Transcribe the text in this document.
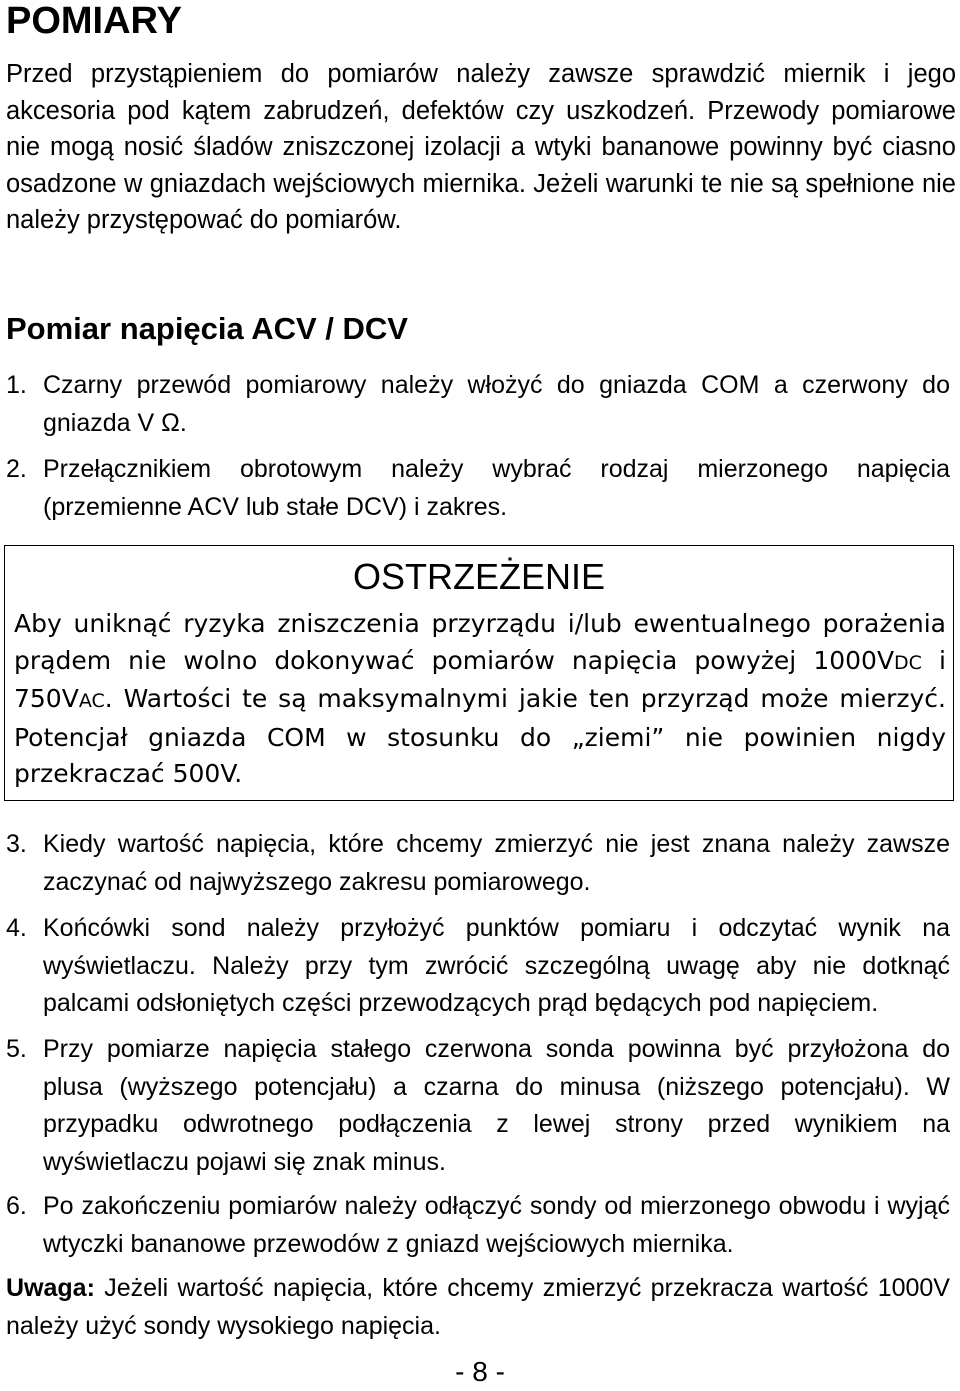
POMIARY
Przed przystąpieniem do pomiarów należy zawsze sprawdzić miernik i jego akcesoria pod kątem zabrudzeń, defektów czy uszkodzeń. Przewody pomiarowe nie mogą nosić śladów zniszczonej izolacji a wtyki bananowe powinny być ciasno osadzone w gniazdach wejściowych miernika. Jeżeli warunki te nie są spełnione nie należy przystępować do pomiarów.
Pomiar napięcia ACV / DCV
1. Czarny przewód pomiarowy należy włożyć do gniazda COM a czerwony do gniazda V Ω.
2. Przełącznikiem obrotowym należy wybrać rodzaj mierzonego napięcia (przemienne ACV lub stałe DCV) i zakres.
OSTRZEŻENIE
Aby uniknąć ryzyka zniszczenia przyrządu i/lub ewentualnego porażenia prądem nie wolno dokonywać pomiarów napięcia powyżej 1000VDC i 750VAC. Wartości te są maksymalnymi jakie ten przyrząd może mierzyć. Potencjał gniazda COM w stosunku do „ziemi” nie powinien nigdy przekraczać 500V.
3. Kiedy wartość napięcia, które chcemy zmierzyć nie jest znana należy zawsze zaczynać od najwyższego zakresu pomiarowego.
4. Końcówki sond należy przyłożyć punktów pomiaru i odczytać wynik na wyświetlaczu. Należy przy tym zwrócić szczególną uwagę aby nie dotknąć palcami odsłoniętych części przewodzących prąd będących pod napięciem.
5. Przy pomiarze napięcia stałego czerwona sonda powinna być przyłożona do plusa (wyższego potencjału) a czarna do minusa (niższego potencjału). W przypadku odwrotnego podłączenia z lewej strony przed wynikiem na wyświetlaczu pojawi się znak minus.
6. Po zakończeniu pomiarów należy odłączyć sondy od mierzonego obwodu i wyjąć wtyczki bananowe przewodów z gniazd wejściowych miernika.
Uwaga: Jeżeli wartość napięcia, które chcemy zmierzyć przekracza wartość 1000V należy użyć sondy wysokiego napięcia.
- 8 -
